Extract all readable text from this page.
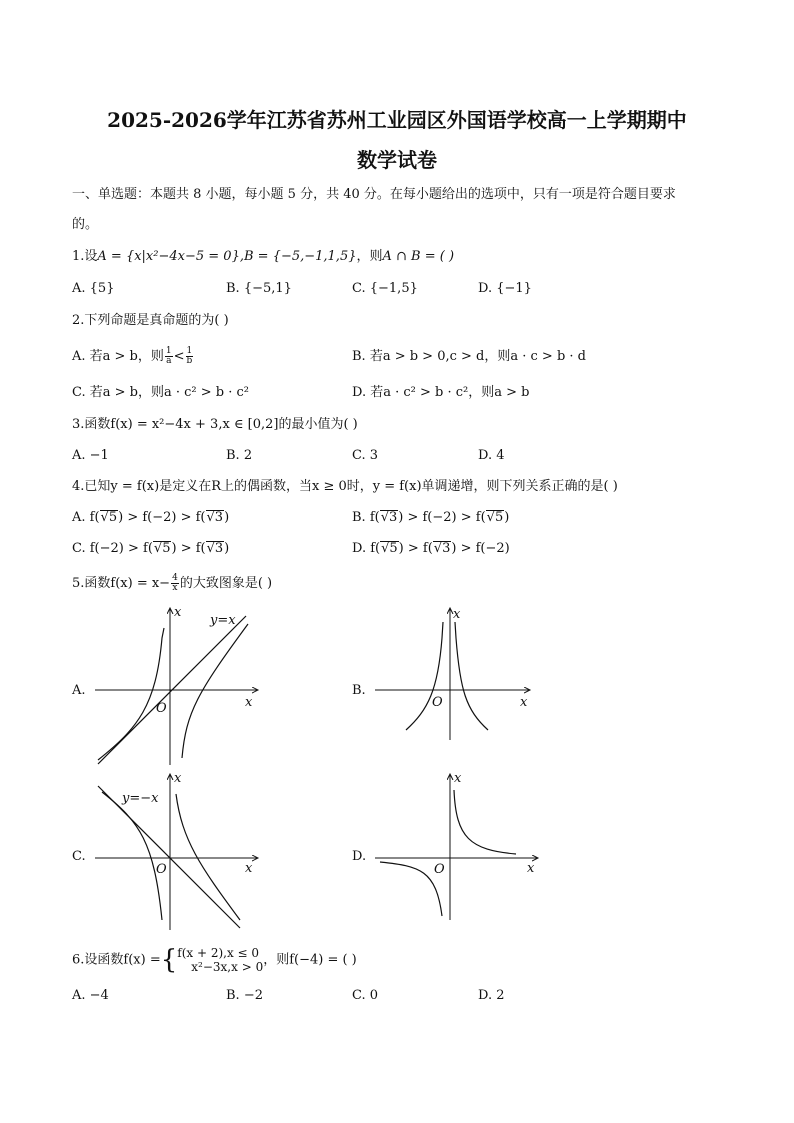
2025-2026学年江苏省苏州工业园区外国语学校高一上学期期中
数学试卷
一、单选题：本题共 8 小题，每小题 5 分，共 40 分。在每小题给出的选项中，只有一项是符合题目要求
的。
1.设A = {x|x²−4x−5 = 0},B = {−5,−1,1,5}，则A ∩ B = ( )
A. {5}	B. {−5,1}	C. {−1,5}	D. {−1}
2.下列命题是真命题的为( )
A. 若a > b，则 $\frac{1}{a} < \frac{1}{b}$	B. 若a > b > 0,c > d，则a · c > b · d
C. 若a > b，则a · c² > b · c²	D. 若a · c² > b · c²，则a > b
3.函数f(x) = x²−4x + 3,x ∈ [0,2]的最小值为( )
A. −1	B. 2	C. 3	D. 4
4.已知y = f(x)是定义在R上的偶函数，当x ≥ 0时，y = f(x)单调递增，则下列关系正确的是( )
A. f(√5) > f(−2) > f(√3)	B. f(√3) > f(−2) > f(√5)
C. f(−2) > f(√5) > f(√3)	D. f(√5) > f(√3) > f(−2)
5.函数$f(x) = x- \frac{4}{x}$ 的大致图象是( )
A.	B.
C.	D.
x
x
O
y=x	x
x
O
x
x
O
y=−x
x
x
O
6.设函数f(x) ={ f(x + 2),x ≤ 0
x²−3x,x > 0 ，则f(−4) = ( )
A. −4	B. −2	C. 0	D. 2
